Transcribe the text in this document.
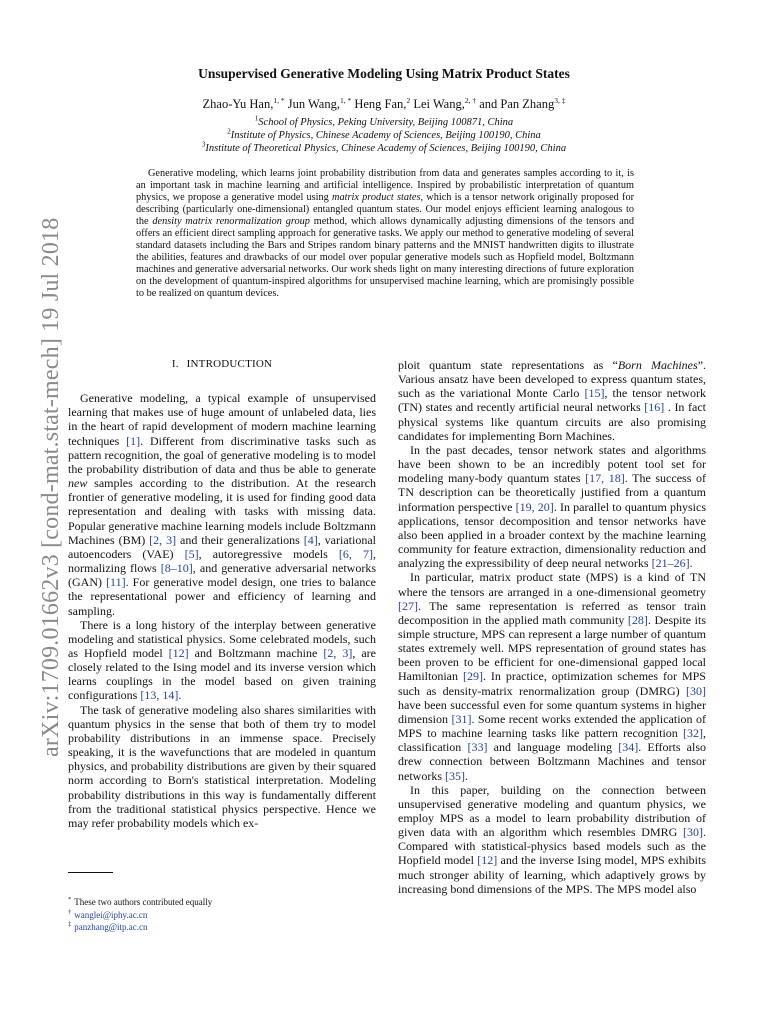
arXiv:1709.01662v3 [cond-mat.stat-mech] 19 Jul 2018
Unsupervised Generative Modeling Using Matrix Product States
Zhao-Yu Han,$^{1, *}$ Jun Wang,$^{1, *}$ Heng Fan,$^2$ Lei Wang,$^{2, \dagger}$ and Pan Zhang$^{3, \ddagger}$
$^1$School of Physics, Peking University, Beijing 100871, China
$^2$Institute of Physics, Chinese Academy of Sciences, Beijing 100190, China
$^3$Institute of Theoretical Physics, Chinese Academy of Sciences, Beijing 100190, China
Generative modeling, which learns joint probability distribution from data and generates samples according to it, is an important task in machine learning and artificial intelligence. Inspired by probabilistic interpretation of quantum physics, we propose a generative model using matrix product states, which is a tensor network originally proposed for describing (particularly one-dimensional) entangled quantum states. Our model enjoys efficient learning analogous to the density matrix renormalization group method, which allows dynamically adjusting dimensions of the tensors and offers an efficient direct sampling approach for generative tasks. We apply our method to generative modeling of several standard datasets including the Bars and Stripes random binary patterns and the MNIST handwritten digits to illustrate the abilities, features and drawbacks of our model over popular generative models such as Hopfield model, Boltzmann machines and generative adversarial networks. Our work sheds light on many interesting directions of future exploration on the development of quantum-inspired algorithms for unsupervised machine learning, which are promisingly possible to be realized on quantum devices.
I. INTRODUCTION

Generative modeling, a typical example of unsupervised learning that makes use of huge amount of unlabeled data, lies in the heart of rapid development of modern machine learning techniques [1]. Different from discriminative tasks such as pattern recognition, the goal of generative modeling is to model the probability distribution of data and thus be able to generate new samples according to the distribution. At the research frontier of generative modeling, it is used for finding good data representation and dealing with tasks with missing data. Popular generative machine learning models include Boltzmann Machines (BM) [2, 3] and their generalizations [4], variational autoencoders (VAE) [5], autoregressive models [6, 7], normalizing flows [8–10], and generative adversarial networks (GAN) [11]. For generative model design, one tries to balance the representational power and efficiency of learning and sampling.

There is a long history of the interplay between generative modeling and statistical physics. Some celebrated models, such as Hopfield model [12] and Boltzmann machine [2, 3], are closely related to the Ising model and its inverse version which learns couplings in the model based on given training configurations [13, 14].

The task of generative modeling also shares similarities with quantum physics in the sense that both of them try to model probability distributions in an immense space. Precisely speaking, it is the wavefunctions that are modeled in quantum physics, and probability distributions are given by their squared norm according to Born's statistical interpretation. Modeling probability distributions in this way is fundamentally different from the traditional statistical physics perspective. Hence we may refer probability models which ex-

ploit quantum state representations as “Born Machines”. Various ansatz have been developed to express quantum states, such as the variational Monte Carlo [15], the tensor network (TN) states and recently artificial neural networks [16] . In fact physical systems like quantum circuits are also promising candidates for implementing Born Machines.

In the past decades, tensor network states and algorithms have been shown to be an incredibly potent tool set for modeling many-body quantum states [17, 18]. The success of TN description can be theoretically justified from a quantum information perspective [19, 20]. In parallel to quantum physics applications, tensor decomposition and tensor networks have also been applied in a broader context by the machine learning community for feature extraction, dimensionality reduction and analyzing the expressibility of deep neural networks [21–26].

In particular, matrix product state (MPS) is a kind of TN where the tensors are arranged in a one-dimensional geometry [27]. The same representation is referred as tensor train decomposition in the applied math community [28]. Despite its simple structure, MPS can represent a large number of quantum states extremely well. MPS representation of ground states has been proven to be efficient for one-dimensional gapped local Hamiltonian [29]. In practice, optimization schemes for MPS such as density-matrix renormalization group (DMRG) [30] have been successful even for some quantum systems in higher dimension [31]. Some recent works extended the application of MPS to machine learning tasks like pattern recognition [32], classification [33] and language modeling [34]. Efforts also drew connection between Boltzmann Machines and tensor networks [35].

In this paper, building on the connection between unsupervised generative modeling and quantum physics, we employ MPS as a model to learn probability distribution of given data with an algorithm which resembles DMRG [30]. Compared with statistical-physics based models such as the Hopfield model [12] and the inverse Ising model, MPS exhibits much stronger ability of learning, which adaptively grows by increasing bond dimensions of the MPS. The MPS model also

* These two authors contributed equally
† wanglei@iphy.ac.cn
‡ panzhang@itp.ac.cn
